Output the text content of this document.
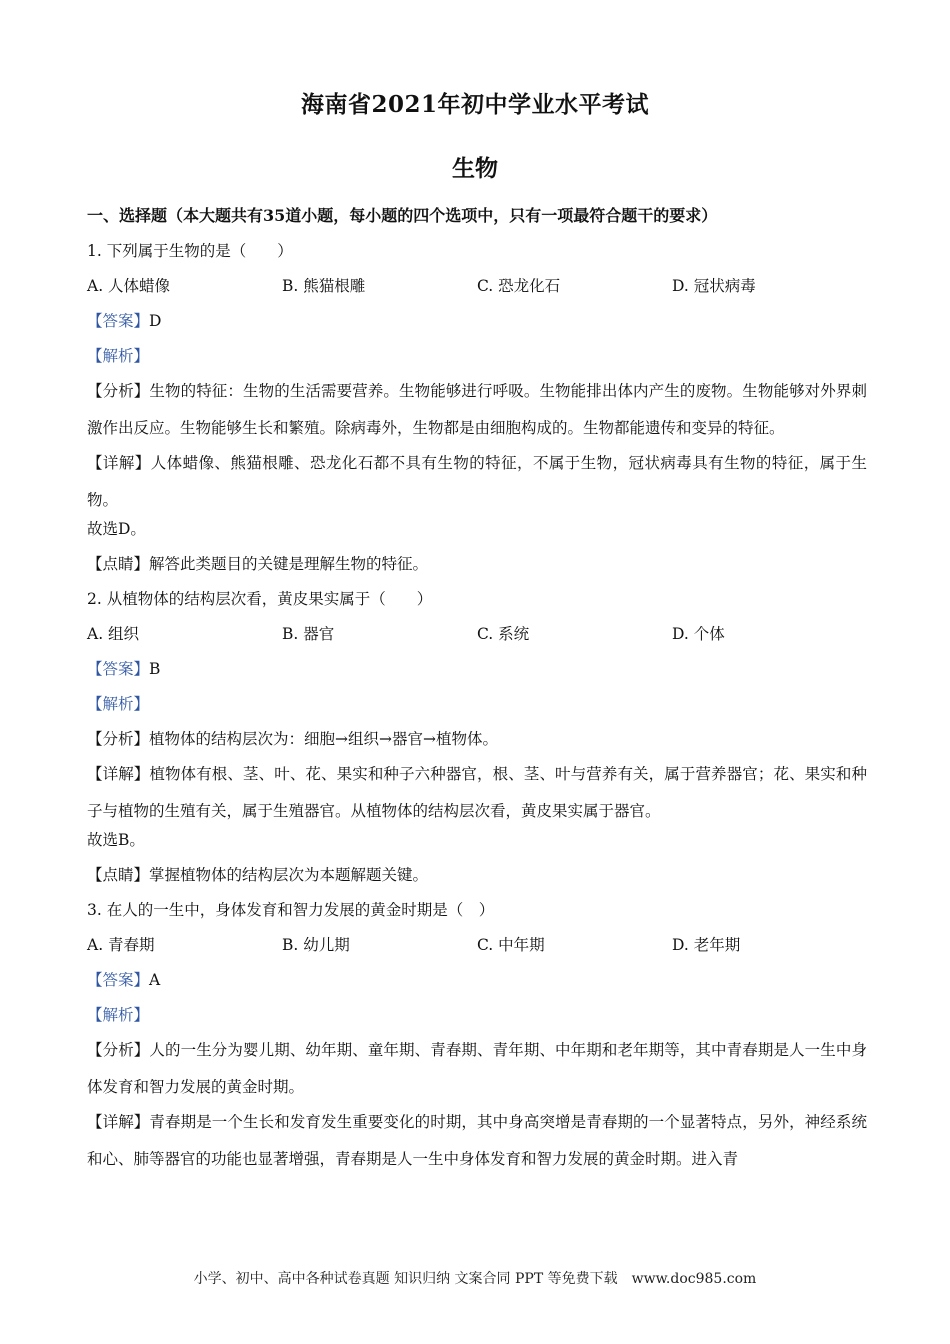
海南省2021年初中学业水平考试
生物
一、选择题（本大题共有35道小题，每小题的四个选项中，只有一项最符合题干的要求）
1. 下列属于生物的是（　　）
A. 人体蜡像	B. 熊猫根雕	C. 恐龙化石	D. 冠状病毒
【答案】D
【解析】

【分析】生物的特征：生物的生活需要营养。生物能够进行呼吸。生物能排出体内产生的废物。生物能够对外界刺激作出反应。生物能够生长和繁殖。除病毒外，生物都是由细胞构成的。生物都能遗传和变异的特征。

【详解】人体蜡像、熊猫根雕、恐龙化石都不具有生物的特征，不属于生物，冠状病毒具有生物的特征，属于生物。

故选D。
【点睛】解答此类题目的关键是理解生物的特征。
2. 从植物体的结构层次看，黄皮果实属于（　　）
A. 组织	B. 器官	C. 系统	D. 个体
【答案】B
【解析】
【分析】植物体的结构层次为：细胞→组织→器官→植物体。

【详解】植物体有根、茎、叶、花、果实和种子六种器官，根、茎、叶与营养有关，属于营养器官；花、果实和种子与植物的生殖有关，属于生殖器官。从植物体的结构层次看，黄皮果实属于器官。

故选B。
【点睛】掌握植物体的结构层次为本题解题关键。
3. 在人的一生中，身体发育和智力发展的黄金时期是（　）
A. 青春期	B. 幼儿期	C. 中年期	D. 老年期
【答案】A
【解析】

【分析】人的一生分为婴儿期、幼年期、童年期、青春期、青年期、中年期和老年期等，其中青春期是人一生中身体发育和智力发展的黄金时期。

【详解】青春期是一个生长和发育发生重要变化的时期，其中身高突增是青春期的一个显著特点，另外，神经系统和心、肺等器官的功能也显著增强，青春期是人一生中身体发育和智力发展的黄金时期。进入青

小学、初中、高中各种试卷真题 知识归纳 文案合同 PPT 等免费下载　www.doc985.com
